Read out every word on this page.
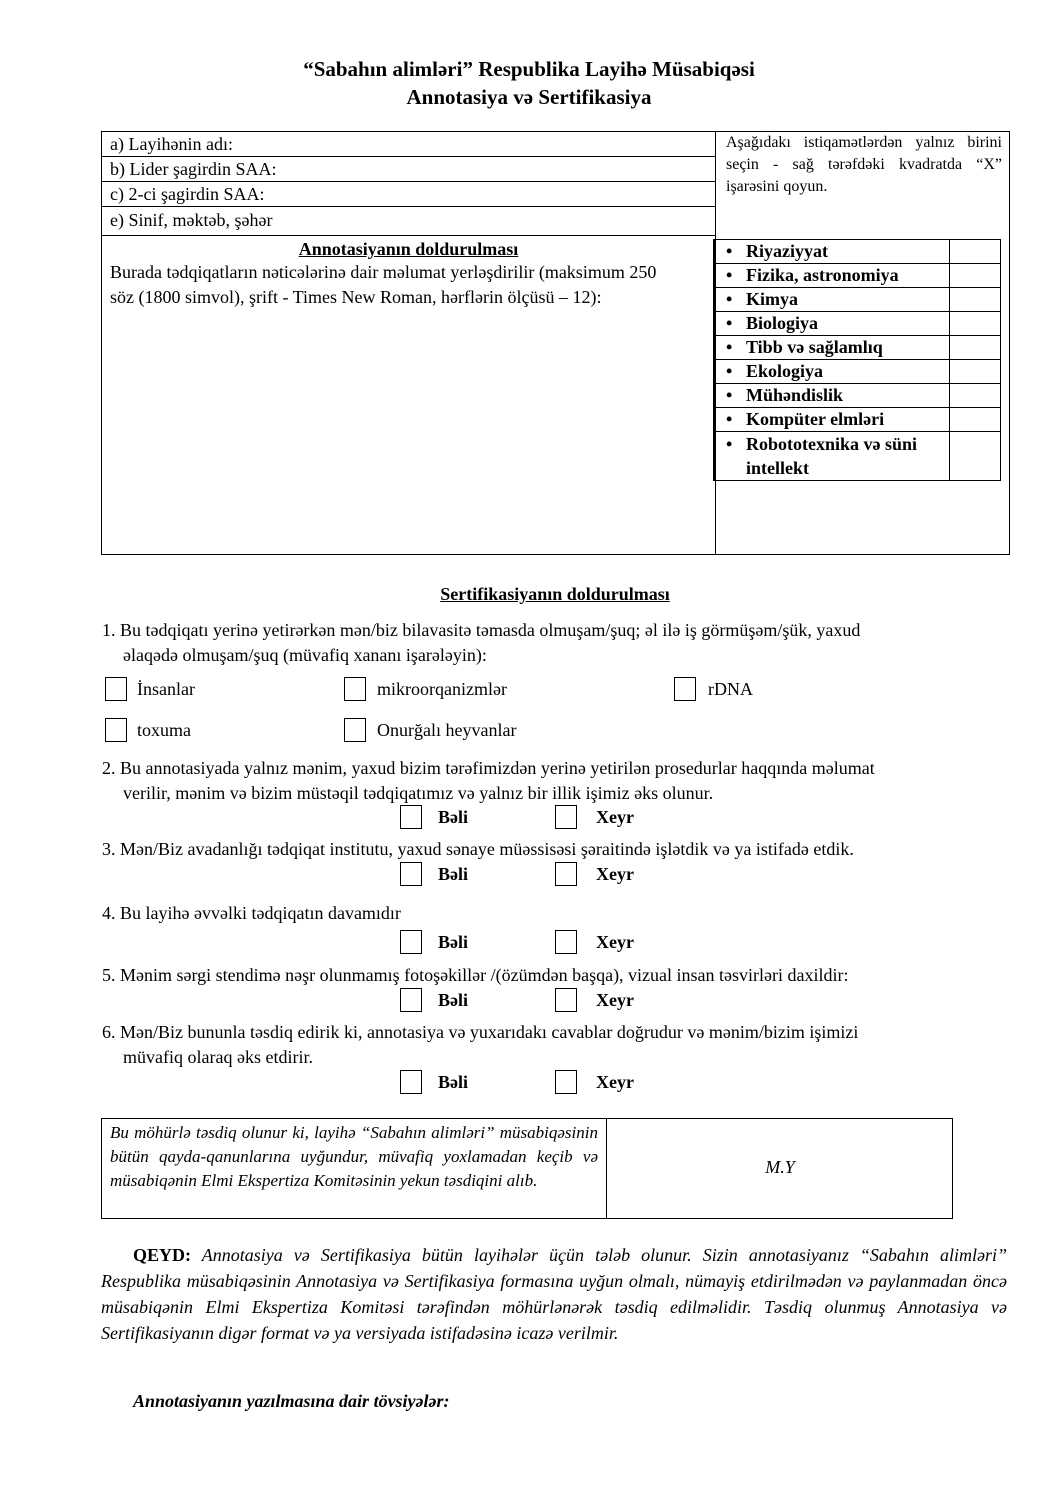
“Sabahın alimləri” Respublika Layihə Müsabiqəsi
Annotasiya və Sertifikasiya
a) Layihənin adı:
b) Lider şagirdin SAA:
c) 2-ci şagirdin SAA:
e) Sinif, məktəb, şəhər
Annotasiyanın doldurulması
Burada tədqiqatların nəticələrinə dair məlumat yerləşdirilir (maksimum 250 söz (1800 simvol), şrift - Times New Roman, hərflərin ölçüsü – 12):
Aşağıdakı istiqamətlərdən yalnız birini seçin - sağ tərəfdəki kvadratda “X” işarəsini qoyun.
• Riyaziyyat
• Fizika, astronomiya
• Kimya
• Biologiya
• Tibb və sağlamlıq
• Ekologiya
• Mühəndislik
• Kompüter elmləri
• Robototexnika və süni intellekt
Sertifikasiyanın doldurulması
1. Bu tədqiqatı yerinə yetirərkən mən/biz bilavasitə təmasda olmuşam/şuq; əl ilə iş görmüşəm/şük, yaxud
əlaqədə olmuşam/şuq (müvafiq xananı işarələyin):
İnsanlar	mikroorqanizmlər	rDNA
toxuma	Onurğalı heyvanlar
2. Bu annotasiyada yalnız mənim, yaxud bizim tərəfimizdən yerinə yetirilən prosedurlar haqqında məlumat
verilir, mənim və bizim müstəqil tədqiqatımız və yalnız bir illik işimiz əks olunur.
Bəli	Xeyr
3. Mən/Biz avadanlığı tədqiqat institutu, yaxud sənaye müəssisəsi şəraitində işlətdik və ya istifadə etdik.
Bəli	Xeyr
4. Bu layihə əvvəlki tədqiqatın davamıdır
Bəli	Xeyr
5. Mənim sərgi stendimə nəşr olunmamış fotoşəkillər /(özümdən başqa), vizual insan təsvirləri daxildir:
Bəli	Xeyr
6. Mən/Biz bununla təsdiq edirik ki, annotasiya və yuxarıdakı cavablar doğrudur və mənim/bizim işimizi
müvafiq olaraq əks etdirir.
Bəli	Xeyr
Bu möhürlə təsdiq olunur ki, layihə “Sabahın alimləri” müsabiqəsinin bütün qayda-qanunlarına uyğundur, müvafiq yoxlamadan keçib və müsabiqənin Elmi Ekspertiza Komitəsinin yekun təsdiqini alıb.
M.Y
QEYD: Annotasiya və Sertifikasiya bütün layihələr üçün tələb olunur. Sizin annotasiyanız “Sabahın alimləri” Respublika müsabiqəsinin Annotasiya və Sertifikasiya formasına uyğun olmalı, nümayiş etdirilmədən və paylanmadan öncə müsabiqənin Elmi Ekspertiza Komitəsi tərəfindən möhürlənərək təsdiq edilməlidir. Təsdiq olunmuş Annotasiya və Sertifikasiyanın digər format və ya versiyada istifadəsinə icazə verilmir.
Annotasiyanın yazılmasına dair tövsiyələr:
